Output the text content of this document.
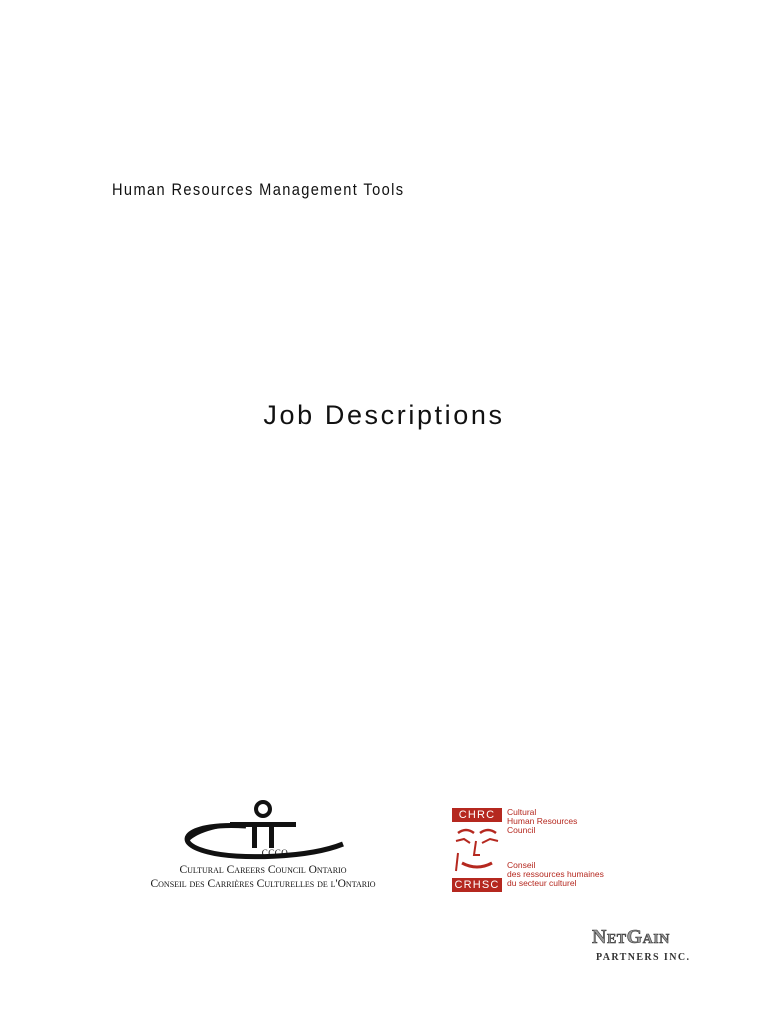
Human Resources Management Tools
Job Descriptions
CCCO
Cultural Careers Council Ontario
Conseil des Carrières Culturelles de l'Ontario
CHRC
CRHSC
Cultural
Human Resources
Council
Conseil
des ressources humaines
du secteur culturel
NetGain
PARTNERS INC.
